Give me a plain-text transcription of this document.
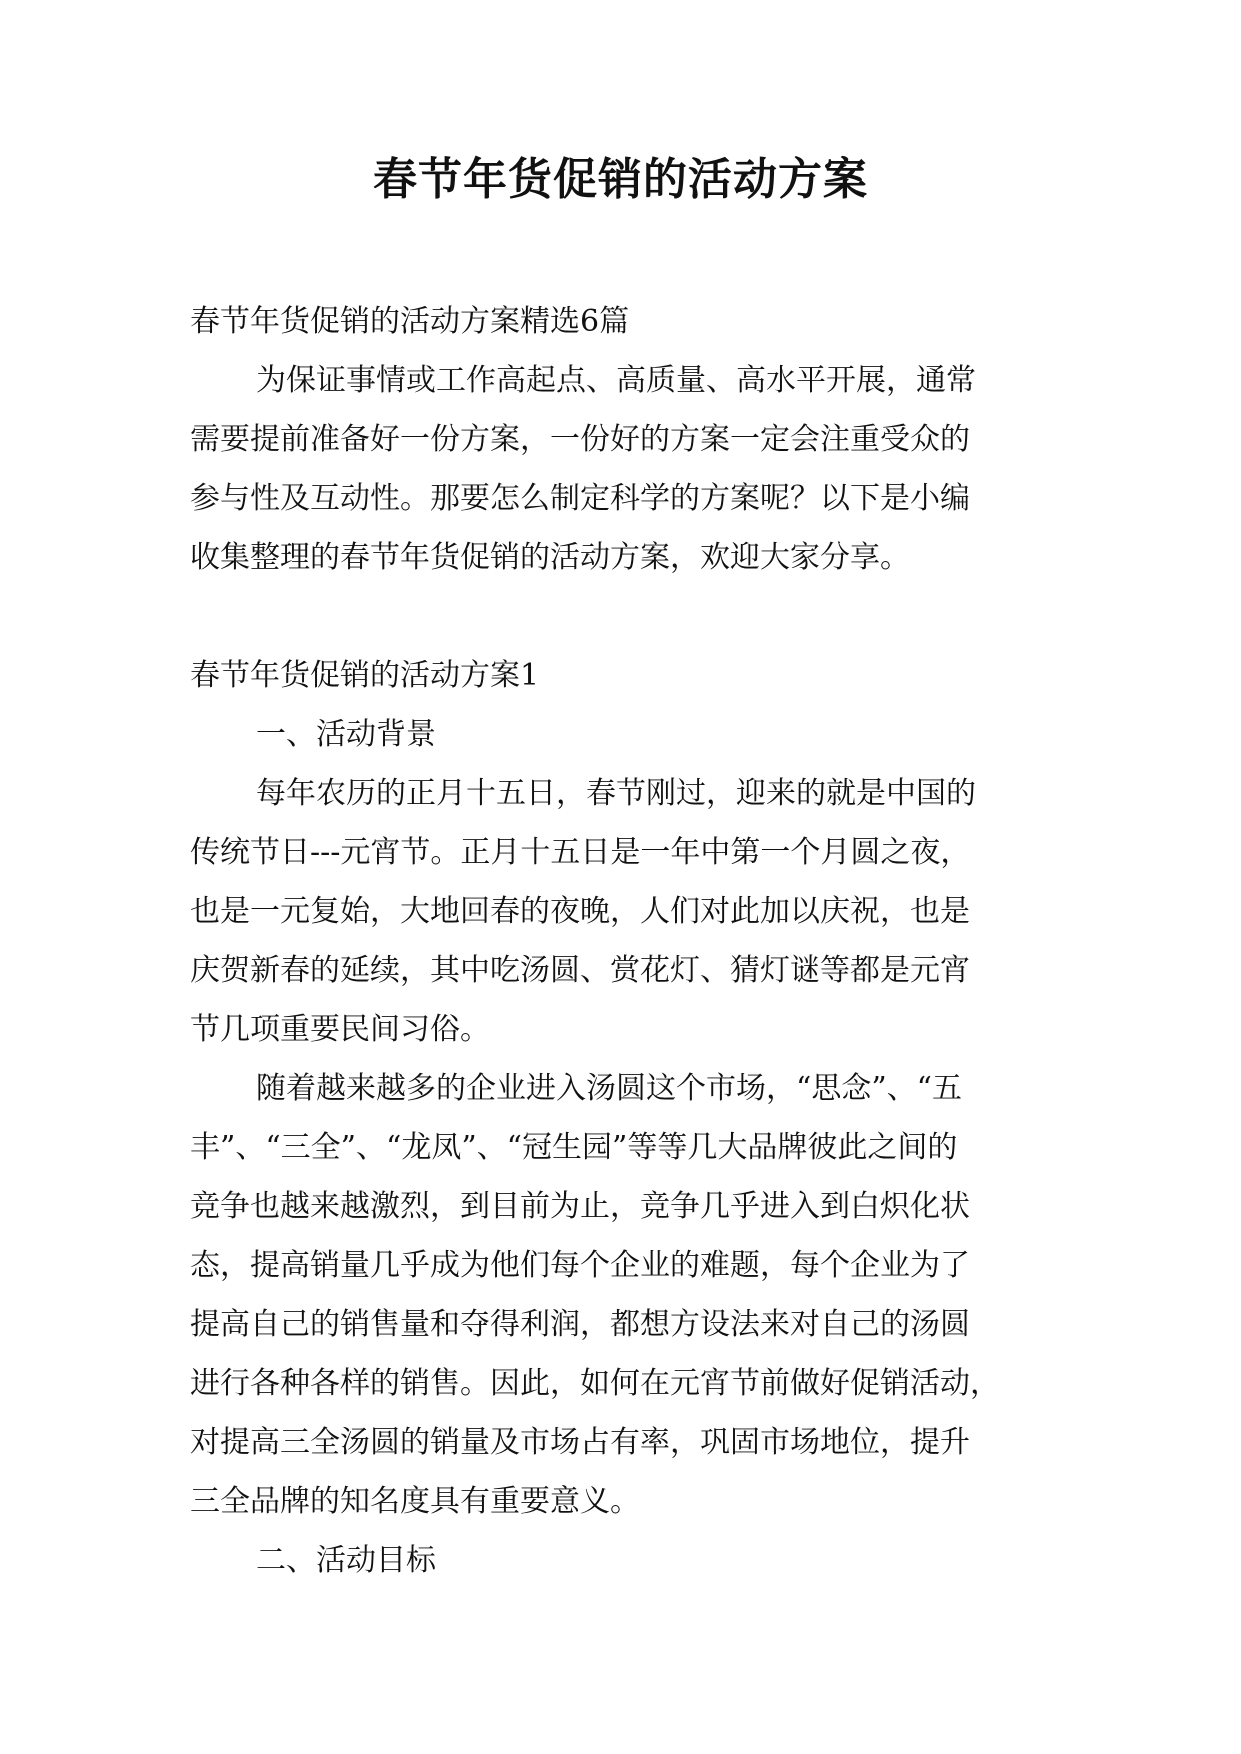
春节年货促销的活动方案
春节年货促销的活动方案精选6篇
为保证事情或工作高起点、高质量、高水平开展，通常
需要提前准备好一份方案，一份好的方案一定会注重受众的
参与性及互动性。那要怎么制定科学的方案呢？以下是小编
收集整理的春节年货促销的活动方案，欢迎大家分享。
春节年货促销的活动方案1
一、活动背景
每年农历的正月十五日，春节刚过，迎来的就是中国的
传统节日---元宵节。正月十五日是一年中第一个月圆之夜，
也是一元复始，大地回春的夜晚，人们对此加以庆祝，也是
庆贺新春的延续，其中吃汤圆、赏花灯、猜灯谜等都是元宵
节几项重要民间习俗。
随着越来越多的企业进入汤圆这个市场，“思念”、“五
丰”、“三全”、“龙凤”、“冠生园”等等几大品牌彼此之间的
竞争也越来越激烈，到目前为止，竞争几乎进入到白炽化状
态，提高销量几乎成为他们每个企业的难题，每个企业为了
提高自己的销售量和夺得利润，都想方设法来对自己的汤圆
进行各种各样的销售。因此，如何在元宵节前做好促销活动，
对提高三全汤圆的销量及市场占有率，巩固市场地位，提升
三全品牌的知名度具有重要意义。
二、活动目标
